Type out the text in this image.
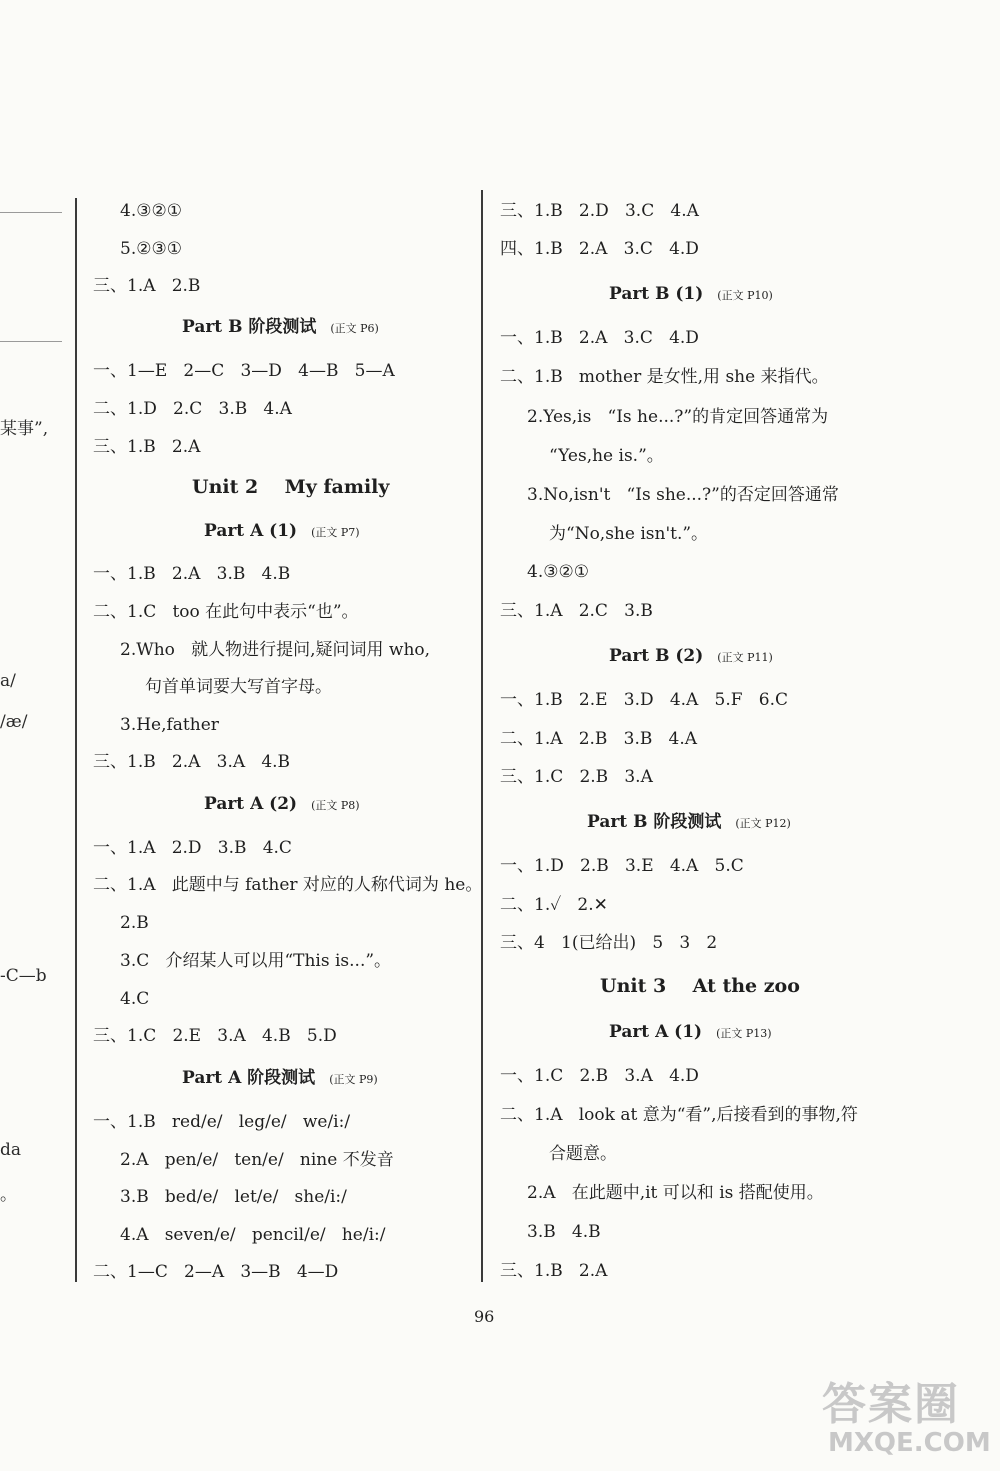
某事”,
a/
/æ/
-C—b
da
。
4.③②①
5.②③①
三、1.A   2.B
Part B 阶段测试 (正文 P6)
一、1—E   2—C   3—D   4—B   5—A
二、1.D   2.C   3.B   4.A
三、1.B   2.A
Unit 2    My family
Part A (1) (正文 P7)
一、1.B   2.A   3.B   4.B
二、1.C   too 在此句中表示“也”。
2.Who   就人物进行提问,疑问词用 who,
句首单词要大写首字母。
3.He,father
三、1.B   2.A   3.A   4.B
Part A (2) (正文 P8)
一、1.A   2.D   3.B   4.C
二、1.A   此题中与 father 对应的人称代词为 he。
2.B
3.C   介绍某人可以用“This is...”。
4.C
三、1.C   2.E   3.A   4.B   5.D
Part A 阶段测试 (正文 P9)
一、1.B   red/e/   leg/e/   we/i:/
2.A   pen/e/   ten/e/   nine 不发音
3.B   bed/e/   let/e/   she/i:/
4.A   seven/e/   pencil/e/   he/i:/
二、1—C   2—A   3—B   4—D
三、1.B   2.D   3.C   4.A
四、1.B   2.A   3.C   4.D
Part B (1) (正文 P10)
一、1.B   2.A   3.C   4.D
二、1.B   mother 是女性,用 she 来指代。
2.Yes,is   “Is he...?”的肯定回答通常为
“Yes,he is.”。
3.No,isn't   “Is she...?”的否定回答通常
为“No,she isn't.”。
4.③②①
三、1.A   2.C   3.B
Part B (2) (正文 P11)
一、1.B   2.E   3.D   4.A   5.F   6.C
二、1.A   2.B   3.B   4.A
三、1.C   2.B   3.A
Part B 阶段测试 (正文 P12)
一、1.D   2.B   3.E   4.A   5.C
二、1.✓   2.✕
三、4   1(已给出)   5   3   2
Unit 3    At the zoo
Part A (1) (正文 P13)
一、1.C   2.B   3.A   4.D
二、1.A   look at 意为“看”,后接看到的事物,符
合题意。
2.A   在此题中,it 可以和 is 搭配使用。
3.B   4.B
三、1.B   2.A
96
答案圈
MXQE.COM
